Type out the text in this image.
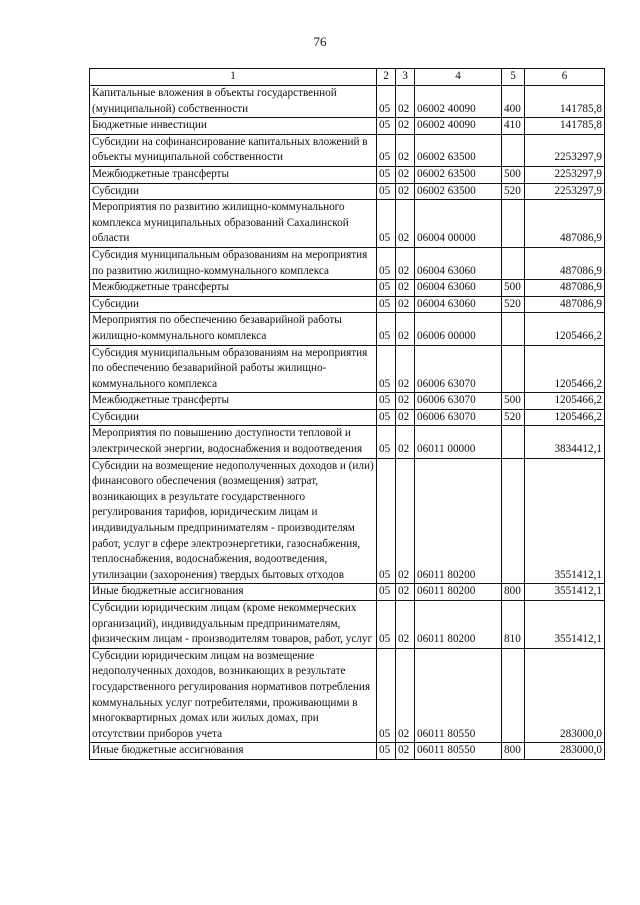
76
1	2	3	4	5	6
Капитальные вложения в объекты государственной (муниципальной) собственности	05	02	06002 40090	400	141785,8
Бюджетные инвестиции	05	02	06002 40090	410	141785,8
Субсидии на софинансирование капитальных вложений в объекты муниципальной собственности	05	02	06002 63500		2253297,9
Межбюджетные трансферты	05	02	06002 63500	500	2253297,9
Субсидии	05	02	06002 63500	520	2253297,9
Мероприятия по развитию жилищно-коммунального комплекса муниципальных образований Сахалинской области	05	02	06004 00000		487086,9
Субсидия муниципальным образованиям на мероприятия по развитию жилищно-коммунального комплекса	05	02	06004 63060		487086,9
Межбюджетные трансферты	05	02	06004 63060	500	487086,9
Субсидии	05	02	06004 63060	520	487086,9
Мероприятия по обеспечению безаварийной работы жилищно-коммунального комплекса	05	02	06006 00000		1205466,2
Субсидия муниципальным образованиям на мероприятия по обеспечению безаварийной работы жилищно-коммунального комплекса	05	02	06006 63070		1205466,2
Межбюджетные трансферты	05	02	06006 63070	500	1205466,2
Субсидии	05	02	06006 63070	520	1205466,2
Мероприятия по повышению доступности тепловой и электрической энергии, водоснабжения и водоотведения	05	02	06011 00000		3834412,1
Субсидии на возмещение недополученных доходов и (или) финансового обеспечения (возмещения) затрат, возникающих в результате государственного регулирования тарифов, юридическим лицам и индивидуальным предпринимателям - производителям работ, услуг в сфере электроэнергетики, газоснабжения, теплоснабжения, водоснабжения, водоотведения, утилизации (захоронения) твердых бытовых отходов	05	02	06011 80200		3551412,1
Иные бюджетные ассигнования	05	02	06011 80200	800	3551412,1
Субсидии юридическим лицам (кроме некоммерческих организаций), индивидуальным предпринимателям, физическим лицам - производителям товаров, работ, услуг	05	02	06011 80200	810	3551412,1
Субсидии юридическим лицам на возмещение недополученных доходов, возникающих в результате государственного регулирования нормативов потребления коммунальных услуг потребителями, проживающими в многоквартирных домах или жилых домах, при отсутствии приборов учета	05	02	06011 80550		283000,0
Иные бюджетные ассигнования	05	02	06011 80550	800	283000,0
